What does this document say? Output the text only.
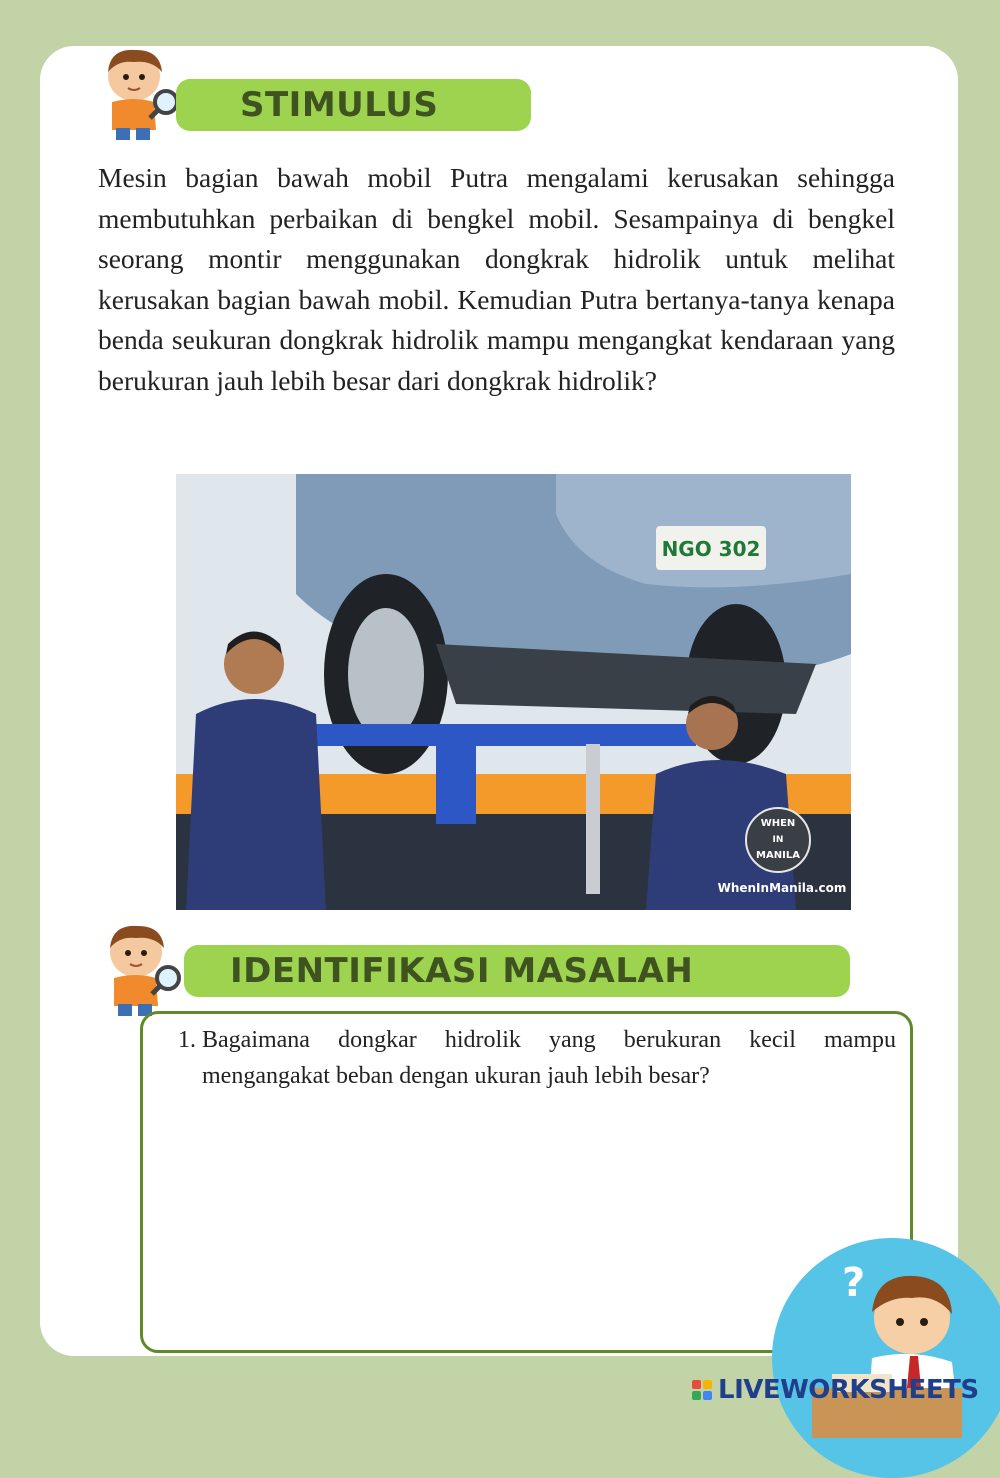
STIMULUS

Mesin bagian bawah mobil Putra mengalami kerusakan sehingga membutuhkan perbaikan di bengkel mobil. Sesampainya di bengkel seorang montir menggunakan dongkrak hidrolik untuk melihat kerusakan bagian bawah mobil. Kemudian Putra bertanya-tanya kenapa benda seukuran dongkrak hidrolik mampu mengangkat kendaraan yang berukuran jauh lebih besar dari dongkrak hidrolik?

NGO 302
WHEN
IN
MANILA
WhenInManila.com
IDENTIFIKASI MASALAH
1. Bagaimana dongkar hidrolik yang berukuran kecil mampu mengangakat beban dengan ukuran jauh lebih besar?
?
LIVEWORKSHEETS
